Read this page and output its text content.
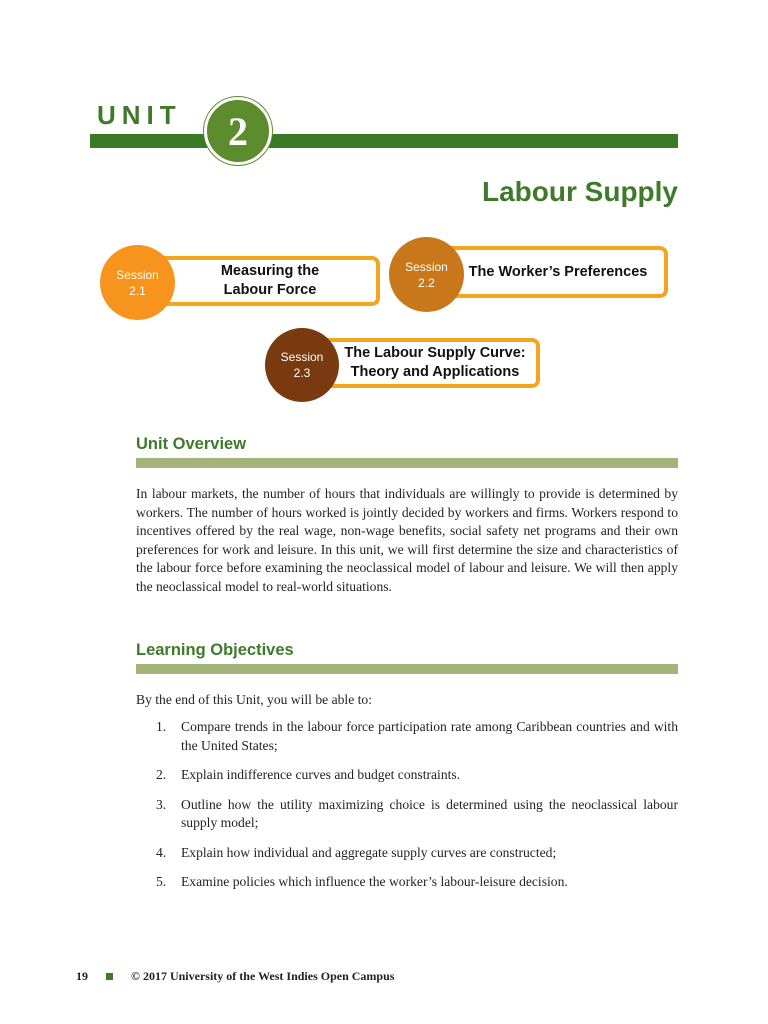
UNIT	2
Labour Supply
Measuring the
Labour Force
Session
2.1
The Worker’s Preferences
Session
2.2
The Labour Supply Curve:
Theory and Applications
Session
2.3
Unit Overview

In labour markets, the number of hours that individuals are willingly to provide is determined by workers. The number of hours worked is jointly decided by workers and firms. Workers respond to incentives offered by the real wage, non-wage benefits, social safety net programs and their own preferences for work and leisure. In this unit, we will first determine the size and characteristics of the labour force before examining the neoclassical model of labour and leisure. We will then apply the neoclassical model to real-world situations.

Learning Objectives

By the end of this Unit, you will be able to:

1. Compare trends in the labour force participation rate among Caribbean countries and with the United States;
2. Explain indifference curves and budget constraints.
3. Outline how the utility maximizing choice is determined using the neoclassical labour supply model;
4. Explain how individual and aggregate supply curves are constructed;
5. Examine policies which influence the worker’s labour-leisure decision.
19	© 2017 University of the West Indies Open Campus
